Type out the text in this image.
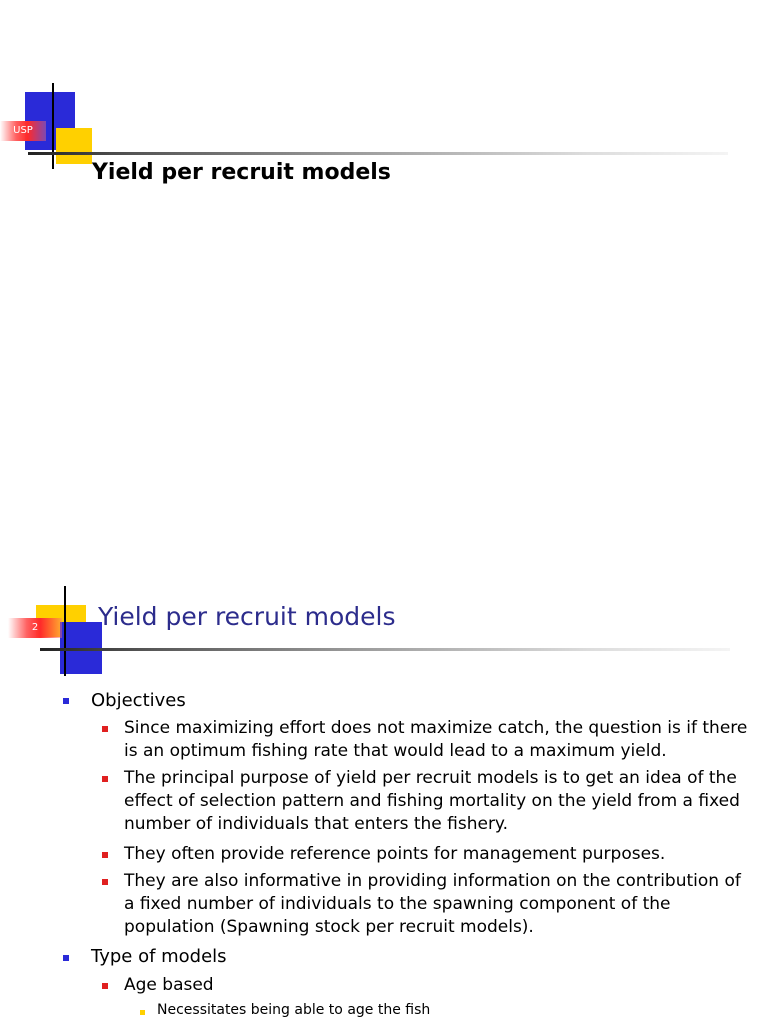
USP
Yield per recruit models
2	Yield per recruit models
Objectives
Since maximizing effort does not maximize catch, the question is if there is an optimum fishing rate that would lead to a maximum yield.
The principal purpose of yield per recruit models is to get an idea of the effect of selection pattern and fishing mortality on the yield from a fixed number of individuals that enters the fishery.
They often provide reference points for management purposes.
They are also informative in providing information on the contribution of a fixed number of individuals to the spawning component of the population (Spawning stock per recruit models).
Type of models
Age based
Necessitates being able to age the fish
